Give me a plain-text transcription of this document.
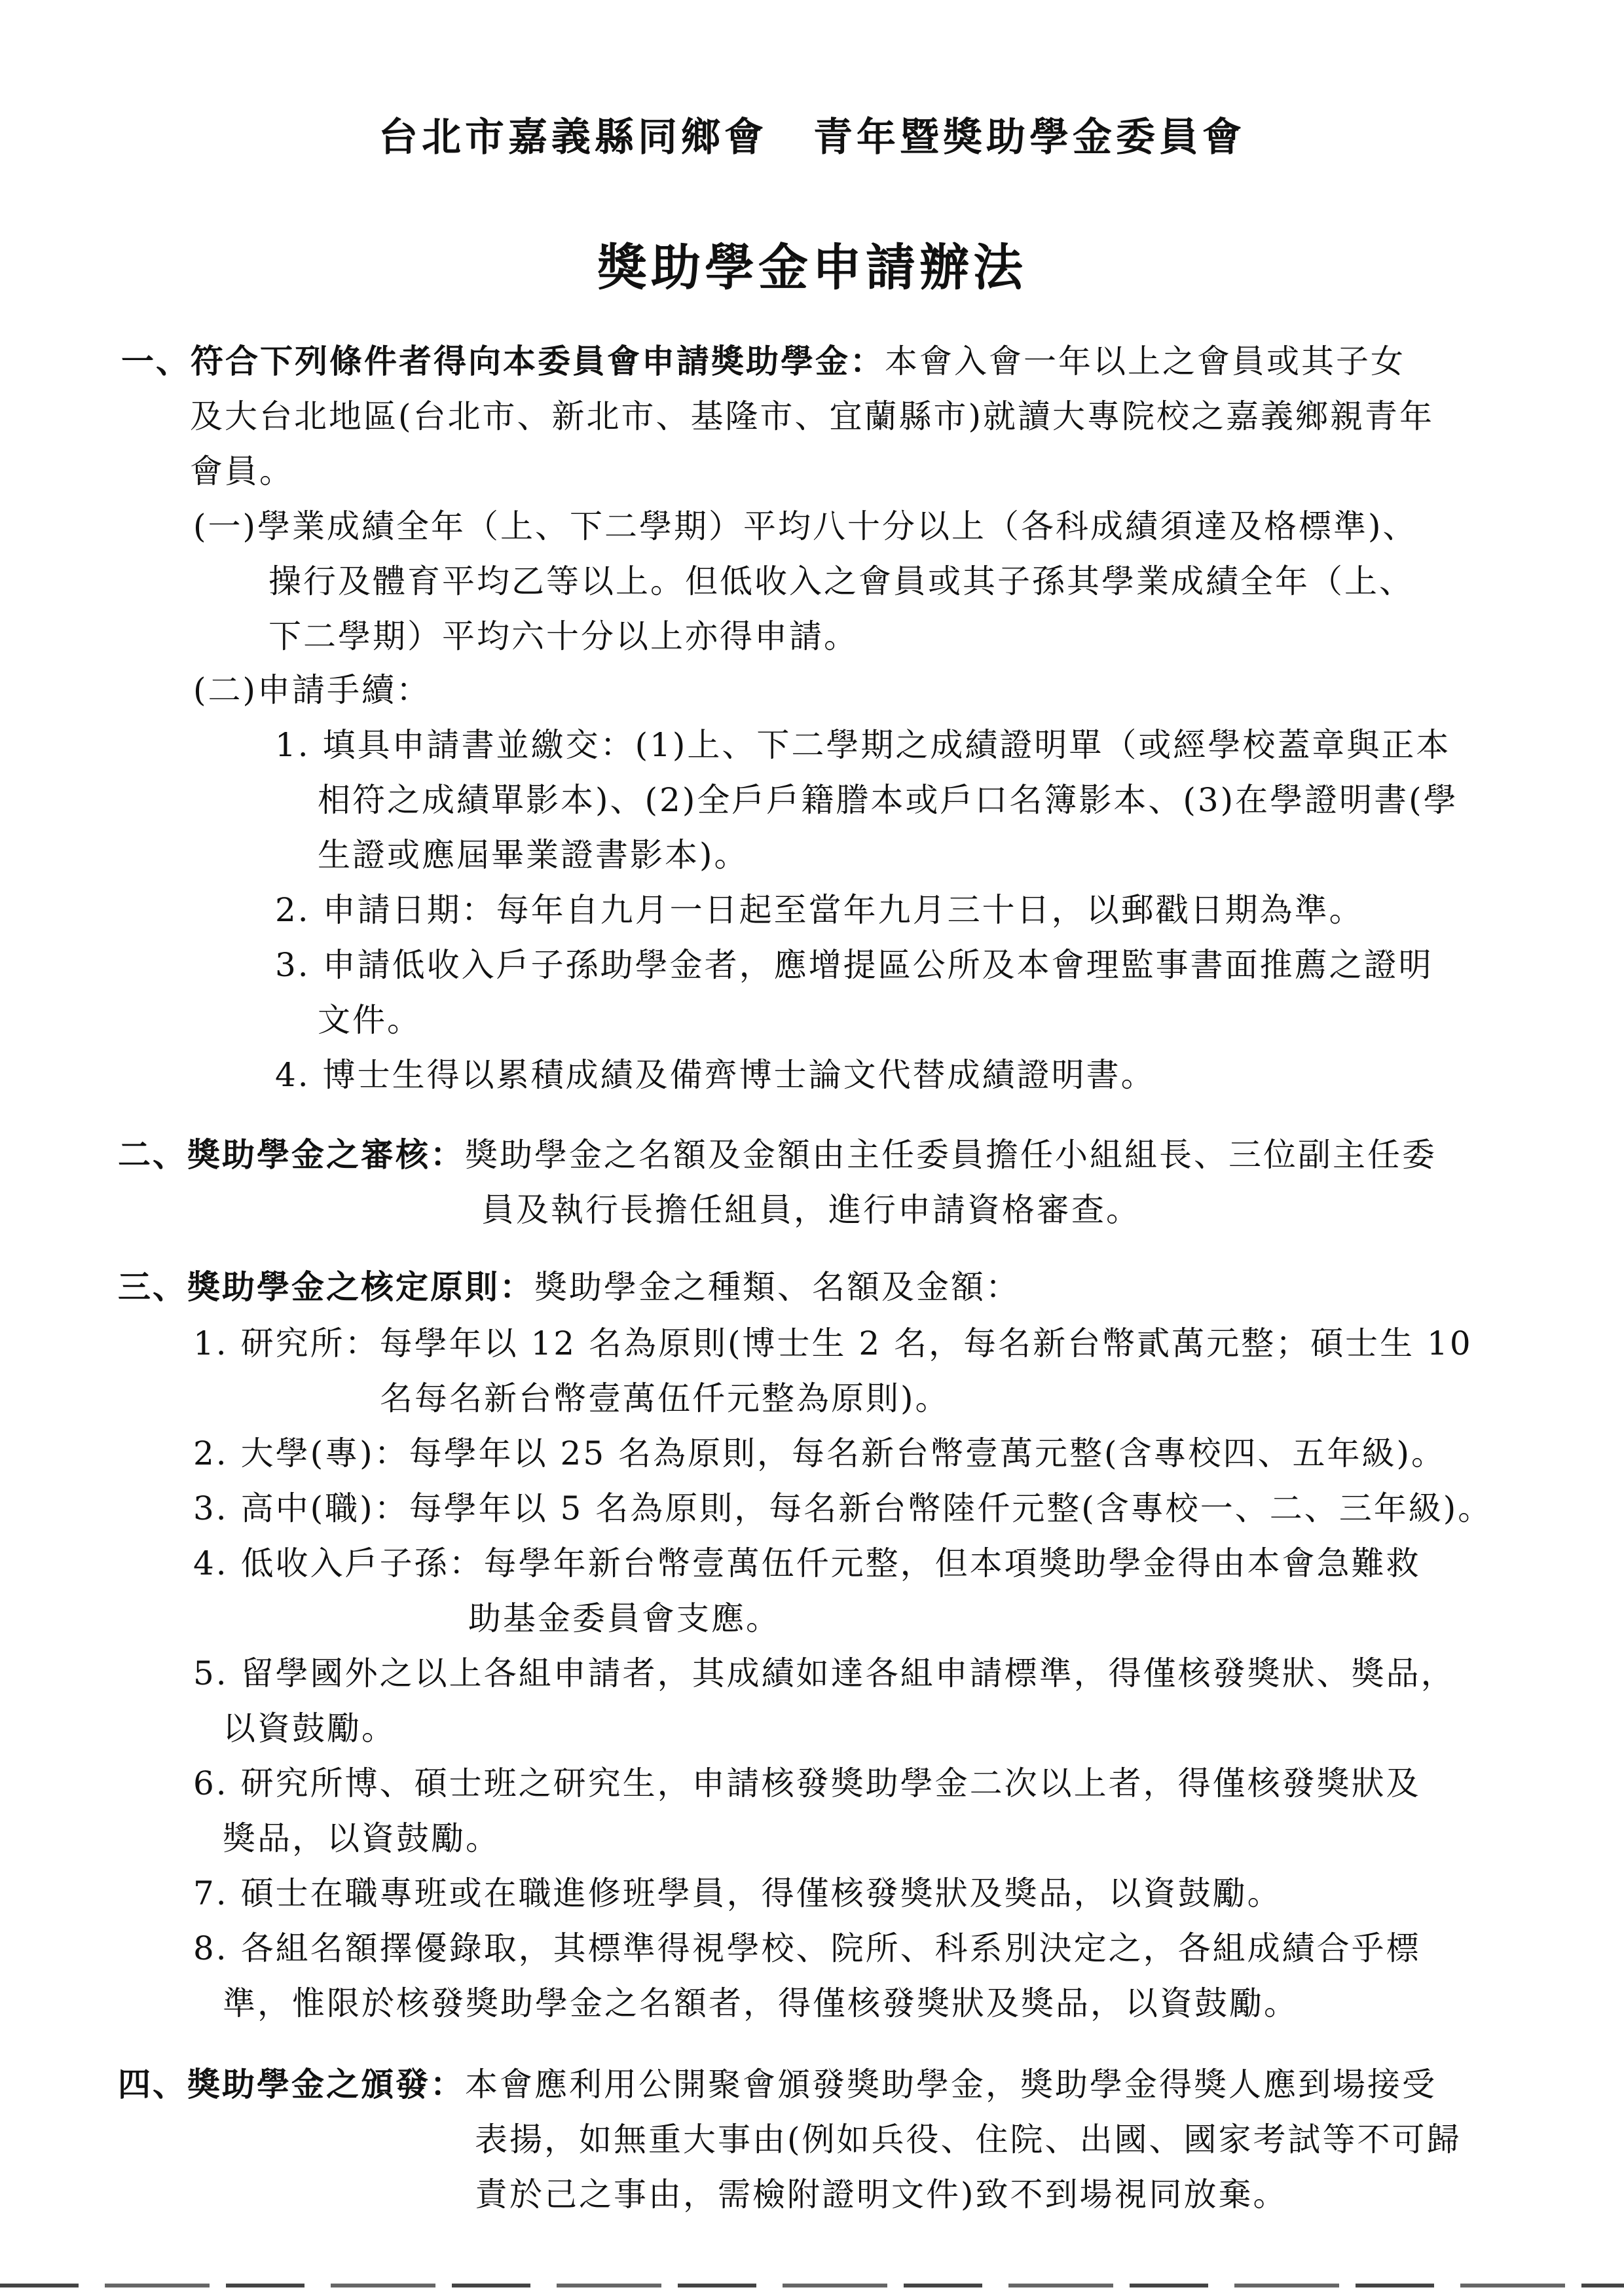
台北市嘉義縣同鄉會 青年暨獎助學金委員會
獎助學金申請辦法
一、符合下列條件者得向本委員會申請獎助學金：本會入會一年以上之會員或其子女
及大台北地區(台北市、新北市、基隆市、宜蘭縣市)就讀大專院校之嘉義鄉親青年
會員。
(一)學業成績全年（上、下二學期）平均八十分以上（各科成績須達及格標準)、
操行及體育平均乙等以上。但低收入之會員或其子孫其學業成績全年（上、
下二學期）平均六十分以上亦得申請。
(二)申請手續：
1. 填具申請書並繳交：(1)上、下二學期之成績證明單（或經學校蓋章與正本
相符之成績單影本)、(2)全戶戶籍謄本或戶口名簿影本、(3)在學證明書(學
生證或應屆畢業證書影本)。
2. 申請日期：每年自九月一日起至當年九月三十日，以郵戳日期為準。
3. 申請低收入戶子孫助學金者，應增提區公所及本會理監事書面推薦之證明
文件。
4. 博士生得以累積成績及備齊博士論文代替成績證明書。
二、獎助學金之審核：獎助學金之名額及金額由主任委員擔任小組組長、三位副主任委
員及執行長擔任組員，進行申請資格審查。
三、獎助學金之核定原則：獎助學金之種類、名額及金額：
1. 研究所：每學年以 12 名為原則(博士生 2 名，每名新台幣貳萬元整；碩士生 10
名每名新台幣壹萬伍仟元整為原則)。
2. 大學(專)：每學年以 25 名為原則，每名新台幣壹萬元整(含專校四、五年級)。
3. 高中(職)：每學年以 5 名為原則，每名新台幣陸仟元整(含專校一、二、三年級)。
4. 低收入戶子孫：每學年新台幣壹萬伍仟元整，但本項獎助學金得由本會急難救
助基金委員會支應。
5. 留學國外之以上各組申請者，其成績如達各組申請標準，得僅核發獎狀、獎品，
以資鼓勵。
6. 研究所博、碩士班之研究生，申請核發獎助學金二次以上者，得僅核發獎狀及
獎品，以資鼓勵。
7. 碩士在職專班或在職進修班學員，得僅核發獎狀及獎品，以資鼓勵。
8. 各組名額擇優錄取，其標準得視學校、院所、科系別決定之，各組成績合乎標
準，惟限於核發獎助學金之名額者，得僅核發獎狀及獎品，以資鼓勵。
四、獎助學金之頒發：本會應利用公開聚會頒發獎助學金，獎助學金得獎人應到場接受
表揚，如無重大事由(例如兵役、住院、出國、國家考試等不可歸
責於己之事由，需檢附證明文件)致不到場視同放棄。
